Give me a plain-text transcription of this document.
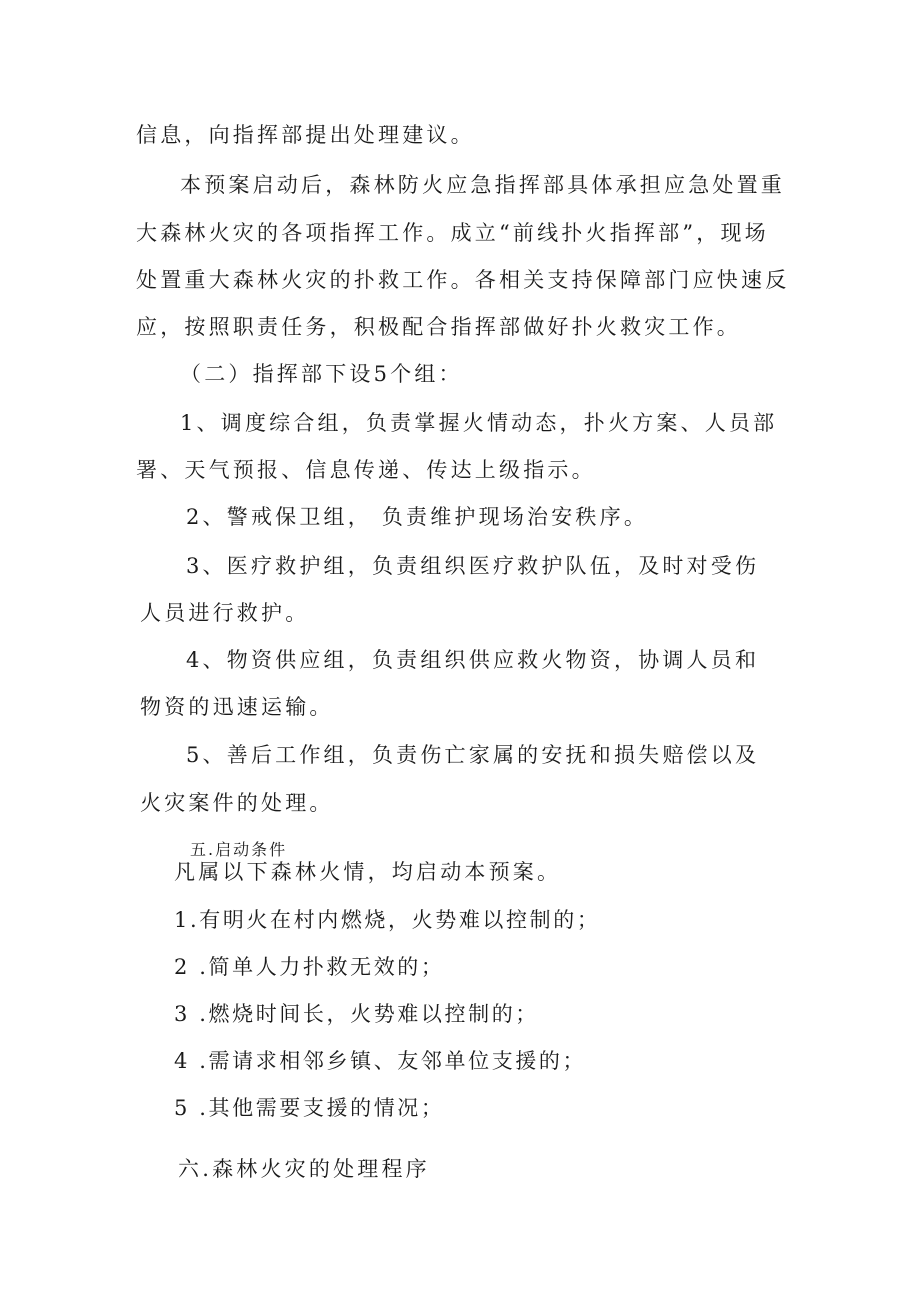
信息，向指挥部提出处理建议。
本预案启动后，森林防火应急指挥部具体承担应急处置重
大森林火灾的各项指挥工作。成立“前线扑火指挥部”，现场
处置重大森林火灾的扑救工作。各相关支持保障部门应快速反
应，按照职责任务，积极配合指挥部做好扑火救灾工作。
（二）指挥部下设5个组：
1、调度综合组，负责掌握火情动态，扑火方案、人员部
署、天气预报、信息传递、传达上级指示。
2、警戒保卫组， 负责维护现场治安秩序。
3、医疗救护组，负责组织医疗救护队伍，及时对受伤
人员进行救护。
4、物资供应组，负责组织供应救火物资，协调人员和
物资的迅速运输。
5、善后工作组，负责伤亡家属的安抚和损失赔偿以及
火灾案件的处理。
五.启动条件
凡属以下森林火情，均启动本预案。
1.有明火在村内燃烧，火势难以控制的；
2 .简单人力扑救无效的；
3 .燃烧时间长，火势难以控制的；
4 .需请求相邻乡镇、友邻单位支援的；
5 .其他需要支援的情况；
六.森林火灾的处理程序
